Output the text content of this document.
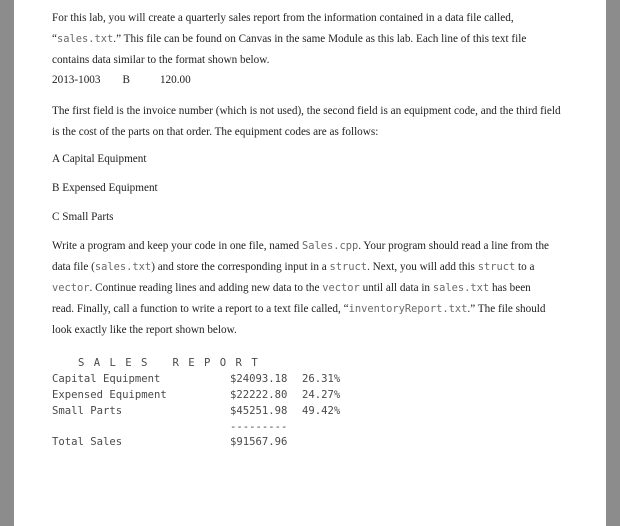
For this lab, you will create a quarterly sales report from the information contained in a data file called,
“sales.txt.” This file can be found on Canvas in the same Module as this lab. Each line of this text file
contains data similar to the format shown below.
2013-1003 B	120.00
The first field is the invoice number (which is not used), the second field is an equipment code, and the third field
is the cost of the parts on that order. The equipment codes are as follows:
A Capital Equipment
B Expensed Equipment
C Small Parts
Write a program and keep your code in one file, named Sales.cpp. Your program should read a line from the
data file (sales.txt) and store the corresponding input in a struct. Next, you will add this struct to a
vector. Continue reading lines and adding new data to the vector until all data in sales.txt has been
read. Finally, call a function to write a report to a text file called, “inventoryReport.txt.” The file should
look exactly like the report shown below.
S A L E S   R E P O R T
Capital Equipment	$24093.18 26.31%
Expensed Equipment	$22222.80 24.27%
Small Parts	$45251.98 49.42%
---------
Total Sales	$91567.96
